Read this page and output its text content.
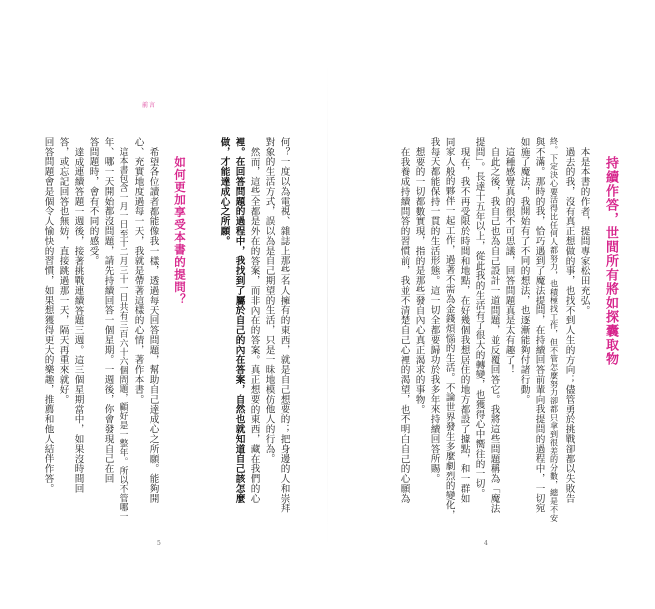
前言
何？一度以為電視、雜誌上那些名人擁有的東西，就是自己想要的；把身邊的人和崇拜
對象的生活方式，誤以為是自己期望的生活，只是一昧地模仿他人的行為。
然而，這些全都是外在的答案，而非內在的答案。真正想要的東西，藏在我們的心
裡。在回答問題的過程中，我找到了屬於自己的內在答案，自然也就知道自己該怎麼
做，才能達成心之所願。
如何更加享受本書的提問？
希望各位讀者都能像我一樣，透過每天回答問題，幫助自己達成心之所願。能夠開
心、充實地度過每一天，我就是帶著這樣的心情，著作本書。
這本書包含一月一日至十二月三十一日共有三百六十六個問題，顧好是一整年。所以不管哪一
年、哪一天開始都沒問題，請先持續回答一個星期。一週後，你會發現自己在回
答問題時，會有不同的感受。
達成連續答題一週後，接著挑戰連續答題三週。這三個星期當中，如果沒時間回
答，或忘記回答也無妨，直接跳過那一天，隔天再重來就好。
回答問題會是個令人愉快的習慣，如果想獲得更大的樂趣，推薦和他人結伴作答。
5
持續作答，世間所有將如探囊取物
本是本書的作者，提問專家松田充弘。
過去的我，沒有真正想做的事，也找不到人生的方向；儘管勇於挑戰卻都以失敗告
終。下定決心要活得比任何人都努力，也積極找工作，但不管怎麼努力卻都只拿到很差的分數，總是不安
與不滿。那時的我，恰巧遇到了魔法提問，在持續回答前輩向我提問的過程中，一切宛
如施了魔法，我開始有了不同的想法，也逐漸能夠付諸行動。
這種感覺真的很不可思議，回答問題真是太有趣了！
自此之後，我自己也為自己設計一道問題，並反覆回答它。我將這些問題稱為「魔法
提問」。長達十五年以上，從此我的生活有了很大的轉變，也獲得心中嚮往的一切。
現在，我不再受限於時間和地點，在好幾個我想居住的地方都設了據點，和一群如
同家人般的夥伴一起工作，過著不需為金錢煩惱的生活。不論世界發生多麼劇烈的變化，
我每天都能保持一貫的生活形態。這一切全都要歸功於我多年來持續回答所賜。
想要的一切都數實現，指的是那些發自內心真正渴求的事物。
在我養成持續問答的習慣前，我並不清楚自己心裡的渴望，也不明白自己的心願為
4
